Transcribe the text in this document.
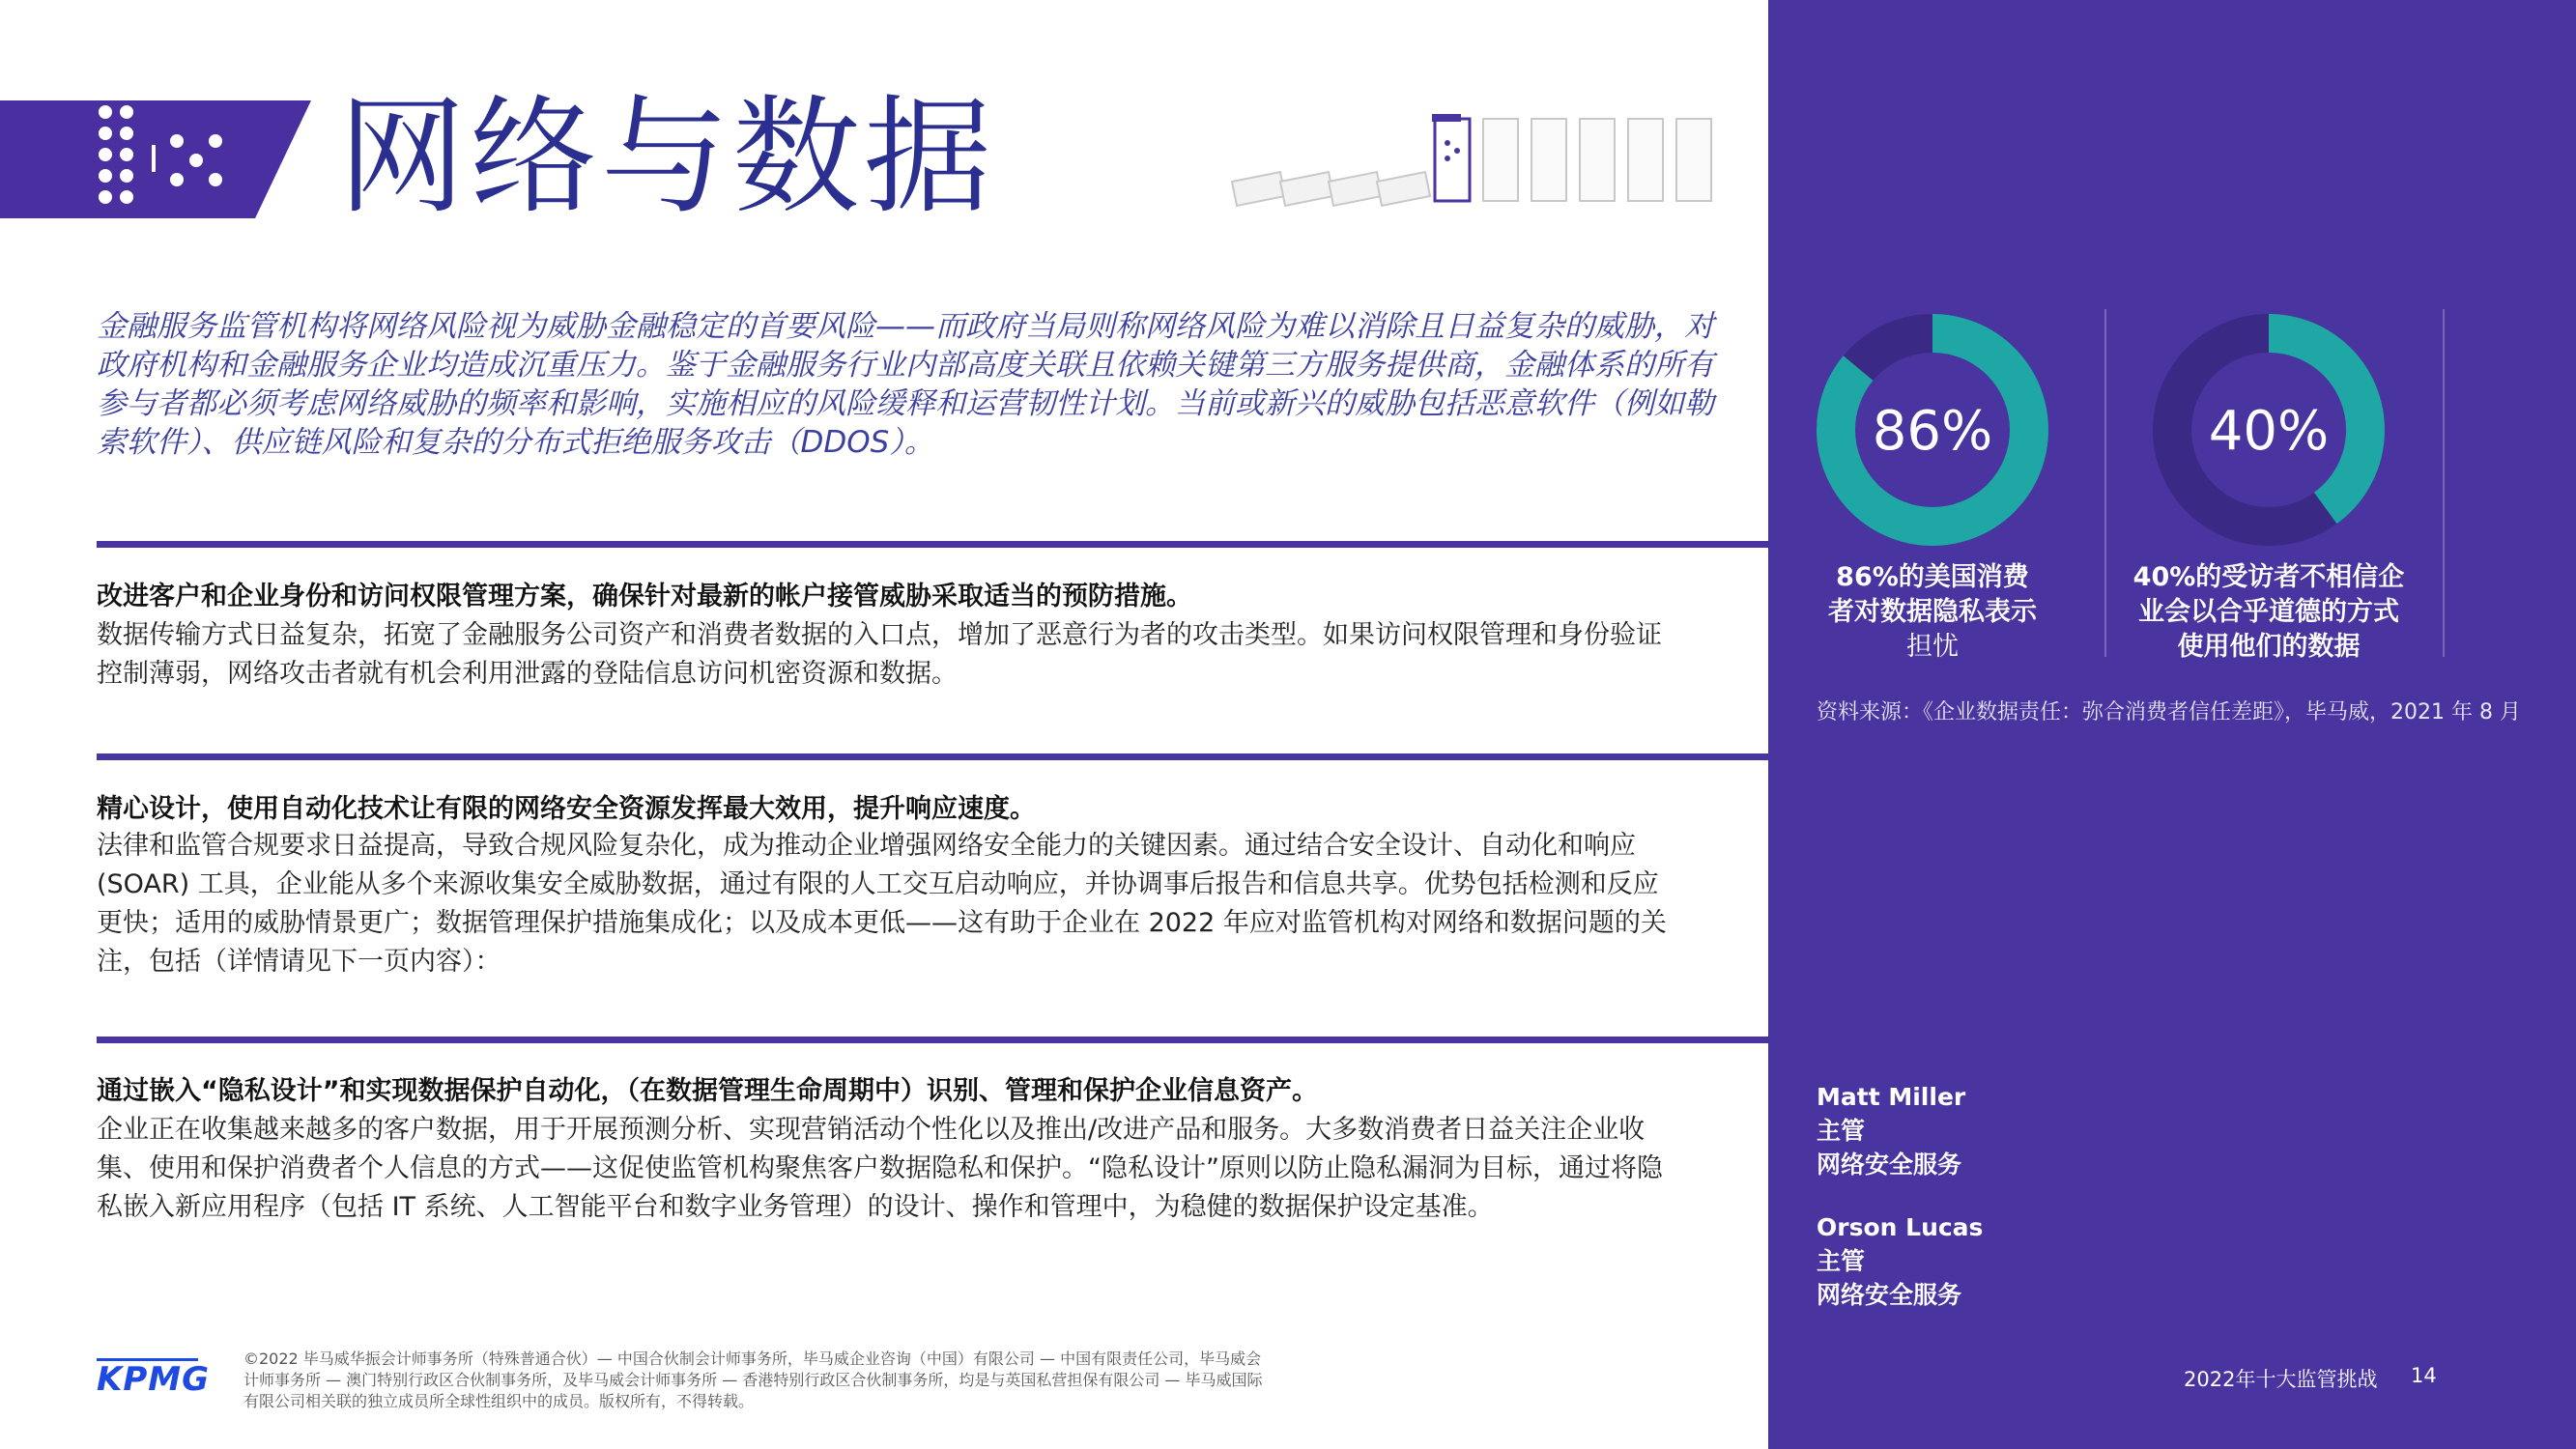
网络与数据
金融服务监管机构将网络风险视为威胁金融稳定的首要风险——而政府当局则称网络风险为难以消除且日益复杂的威胁，对政府机构和金融服务企业均造成沉重压力。鉴于金融服务行业内部高度关联且依赖关键第三方服务提供商，金融体系的所有参与者都必须考虑网络威胁的频率和影响，实施相应的风险缓释和运营韧性计划。当前或新兴的威胁包括恶意软件（例如勒索软件）、供应链风险和复杂的分布式拒绝服务攻击（DDOS）。
改进客户和企业身份和访问权限管理方案，确保针对最新的帐户接管威胁采取适当的预防措施。
数据传输方式日益复杂，拓宽了金融服务公司资产和消费者数据的入口点，增加了恶意行为者的攻击类型。如果访问权限管理和身份验证控制薄弱，网络攻击者就有机会利用泄露的登陆信息访问机密资源和数据。
精心设计，使用自动化技术让有限的网络安全资源发挥最大效用，提升响应速度。
法律和监管合规要求日益提高，导致合规风险复杂化，成为推动企业增强网络安全能力的关键因素。通过结合安全设计、自动化和响应(SOAR) 工具，企业能从多个来源收集安全威胁数据，通过有限的人工交互启动响应，并协调事后报告和信息共享。优势包括检测和反应更快；适用的威胁情景更广；数据管理保护措施集成化；以及成本更低——这有助于企业在 2022 年应对监管机构对网络和数据问题的关注，包括（详情请见下一页内容）：
通过嵌入“隐私设计”和实现数据保护自动化，（在数据管理生命周期中）识别、管理和保护企业信息资产。
企业正在收集越来越多的客户数据，用于开展预测分析、实现营销活动个性化以及推出/改进产品和服务。大多数消费者日益关注企业收集、使用和保护消费者个人信息的方式——这促使监管机构聚焦客户数据隐私和保护。“隐私设计”原则以防止隐私漏洞为目标，通过将隐私嵌入新应用程序（包括 IT 系统、人工智能平台和数字业务管理）的设计、操作和管理中，为稳健的数据保护设定基准。
86%	40%
86%的美国消费
者对数据隐私表示
担忧
40%的受访者不相信企
业会以合乎道德的方式
使用他们的数据
资料来源：《企业数据责任：弥合消费者信任差距》，毕马威，2021 年 8 月
Matt Miller
主管
网络安全服务
Orson Lucas
主管
网络安全服务
KPMG
©2022 毕马威华振会计师事务所（特殊普通合伙）— 中国合伙制会计师事务所，毕马威企业咨询（中国）有限公司 — 中国有限责任公司，毕马威会计师事务所 — 澳门特别行政区合伙制事务所，及毕马威会计师事务所 — 香港特别行政区合伙制事务所，均是与英国私营担保有限公司 — 毕马威国际有限公司相关联的独立成员所全球性组织中的成员。版权所有，不得转载。
2022年十大监管挑战 14
